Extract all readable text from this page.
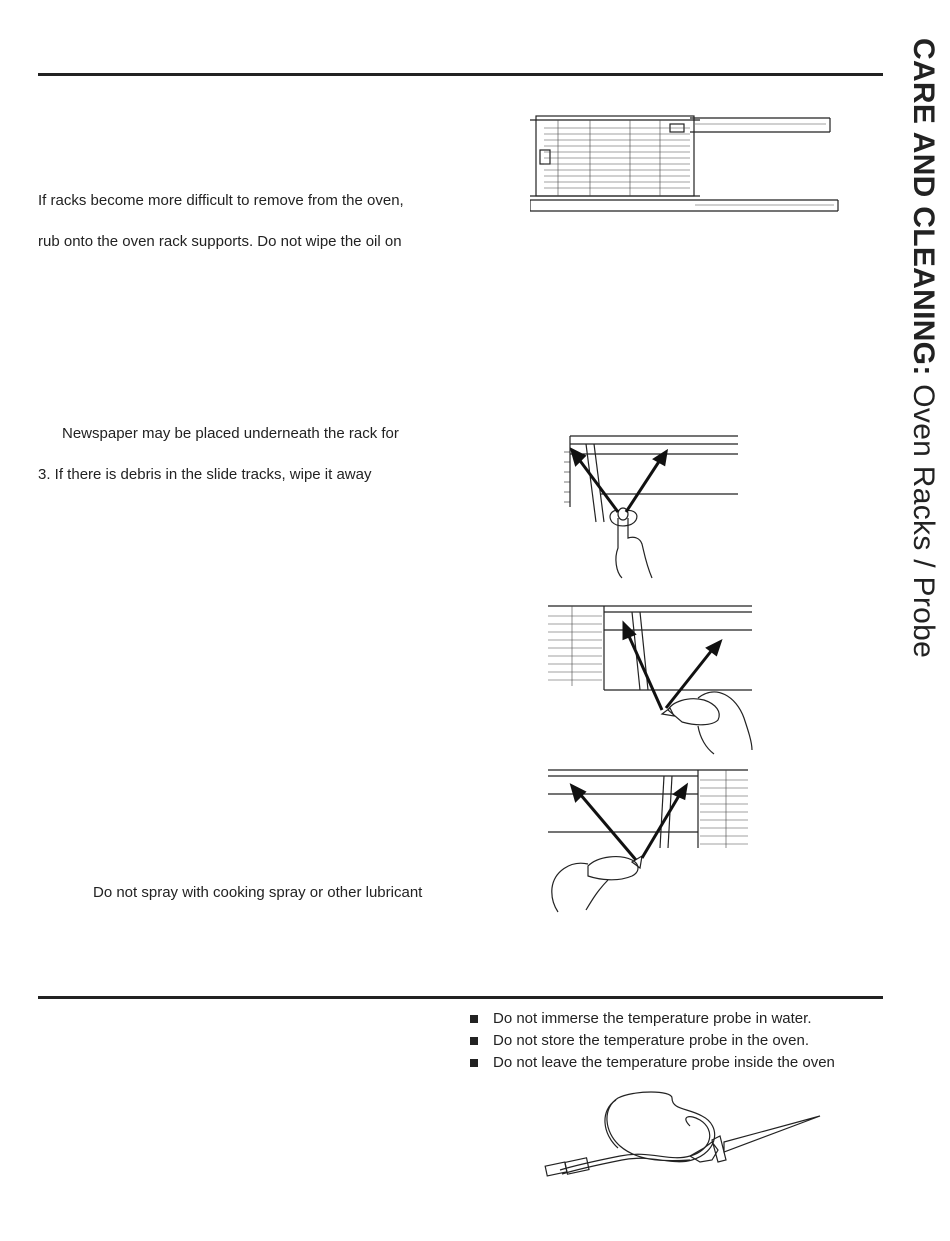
If racks become more difficult to remove from the oven,
rub onto the oven rack supports. Do not wipe the oil on
Newspaper may be placed underneath the rack for
3. If there is debris in the slide tracks, wipe it away
Do not spray with cooking spray or other lubricant
Do not immerse the temperature probe in water.
Do not store the temperature probe in the oven.
Do not leave the temperature probe inside the oven
CARE AND CLEANING: Oven Racks / Probe
